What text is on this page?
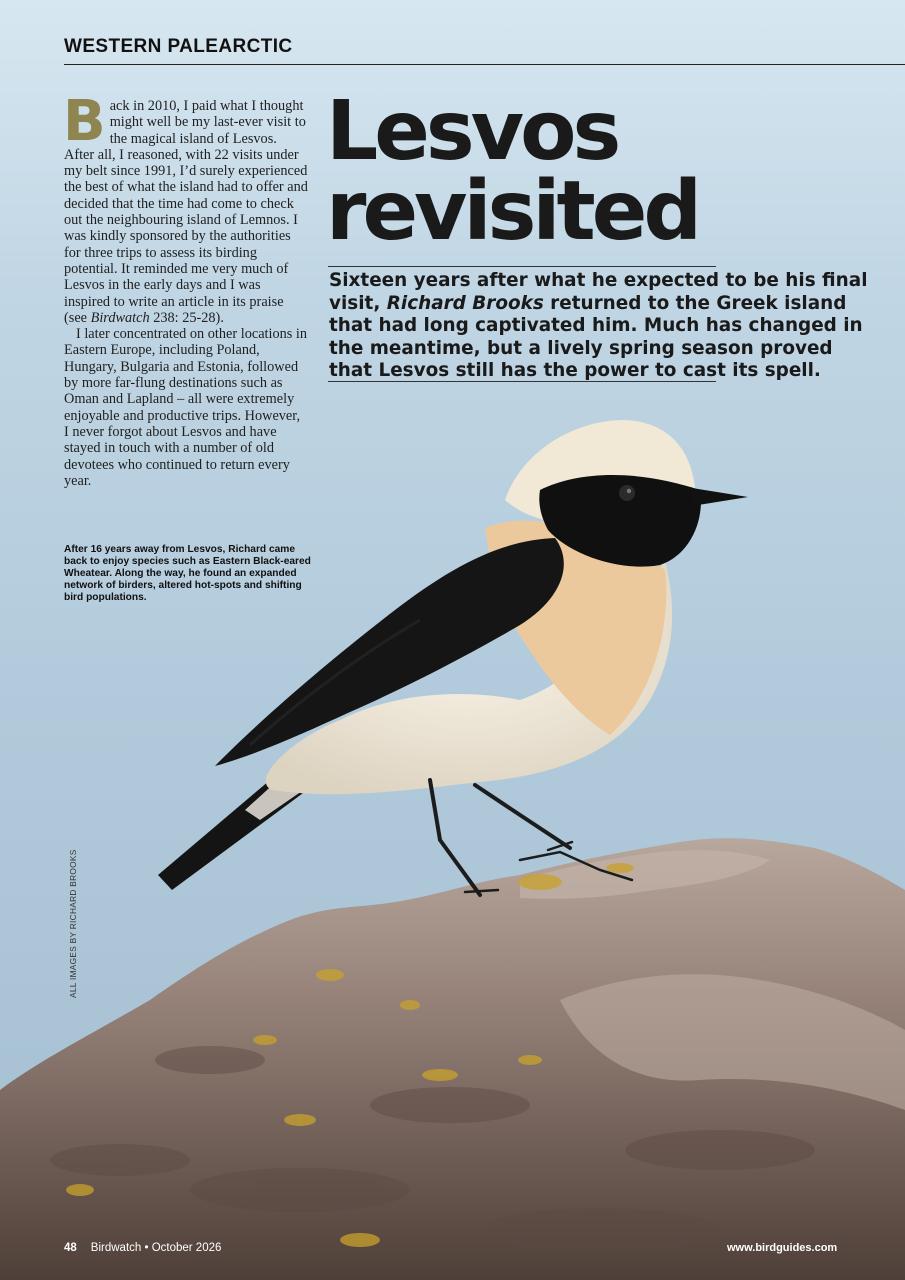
WESTERN PALEARCTIC
Lesvos
revisited

Sixteen years after what he expected to be his final visit, Richard Brooks returned to the Greek island that had long captivated him. Much has changed in the meantime, but a lively spring season proved that Lesvos still has the power to cast its spell.

Back in 2010, I paid what I thought might well be my last-ever visit to the magical island of Lesvos. After all, I reasoned, with 22 visits under my belt since 1991, I’d surely experienced the best of what the island had to offer and decided that the time had come to check out the neighbouring island of Lemnos. I was kindly sponsored by the authorities for three trips to assess its birding potential. It reminded me very much of Lesvos in the early days and I was inspired to write an article in its praise (see Birdwatch 238: 25-28).

I later concentrated on other locations in Eastern Europe, including Poland, Hungary, Bulgaria and Estonia, followed by more far-flung destinations such as Oman and Lapland – all were extremely enjoyable and productive trips. However, I never forgot about Lesvos and have stayed in touch with a number of old devotees who continued to return every year.

After 16 years away from Lesvos, Richard came back to enjoy species such as Eastern Black-eared Wheatear. Along the way, he found an expanded network of birders, altered hot-spots and shifting bird populations.

ALL IMAGES BY RICHARD BROOKS
48 Birdwatch • October 2026	www.birdguides.com
